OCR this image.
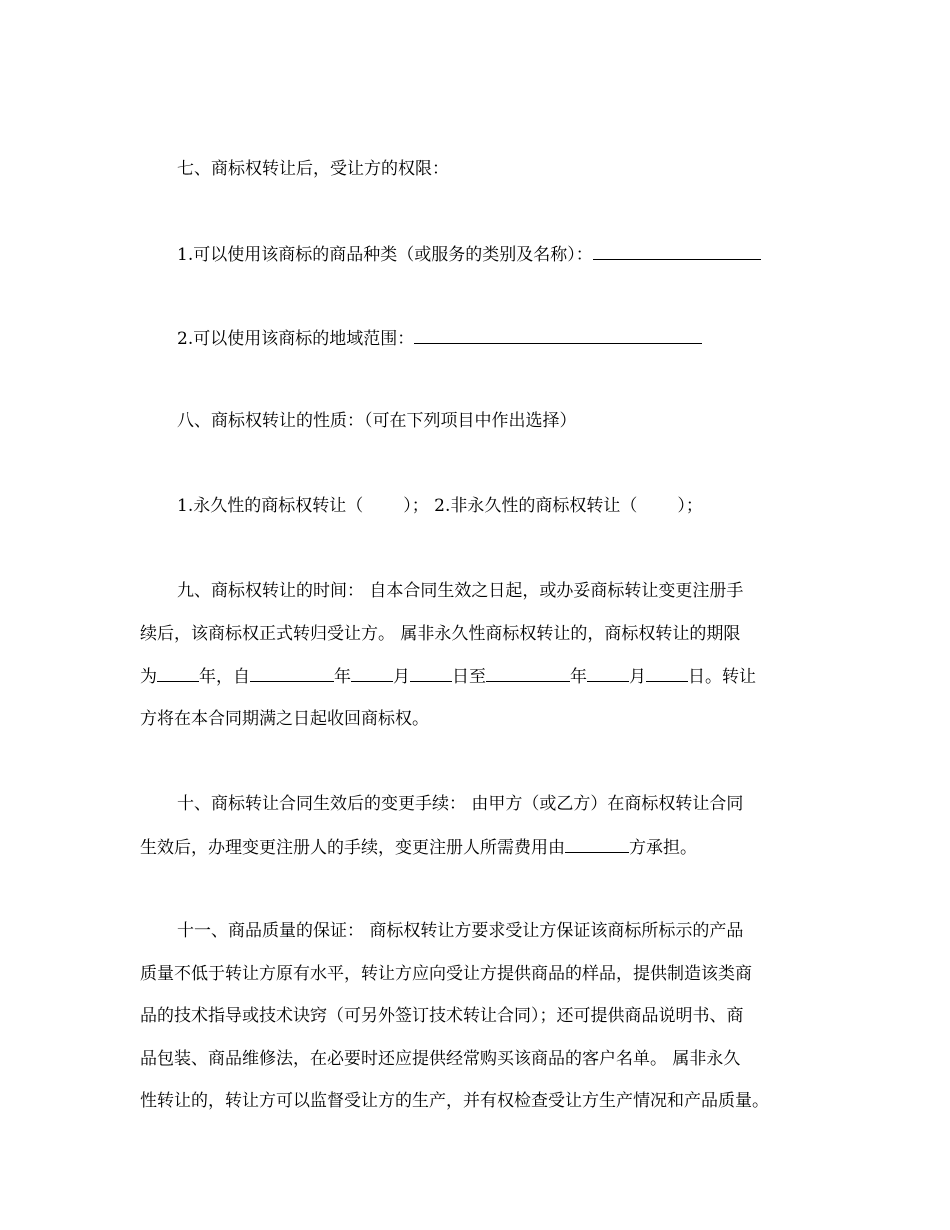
七、商标权转让后，受让方的权限：
1.可以使用该商标的商品种类（或服务的类别及名称）：
2.可以使用该商标的地域范围：
八、商标权转让的性质：（可在下列项目中作出选择）
1.永久性的商标权转让（ ）； 2.非永久性的商标权转让（ ）；
九、商标权转让的时间： 自本合同生效之日起，或办妥商标转让变更注册手
续后，该商标权正式转归受让方。 属非永久性商标权转让的，商标权转让的期限
为 年，自	年 月 日至	年 月 日。转让
方将在本合同期满之日起收回商标权。
十、商标转让合同生效后的变更手续： 由甲方（或乙方）在商标权转让合同
生效后，办理变更注册人的手续，变更注册人所需费用由	方承担。
十一、商品质量的保证： 商标权转让方要求受让方保证该商标所标示的产品
质量不低于转让方原有水平，转让方应向受让方提供商品的样品，提供制造该类商
品的技术指导或技术诀窍（可另外签订技术转让合同）；还可提供商品说明书、商
品包装、商品维修法，在必要时还应提供经常购买该商品的客户名单。 属非永久
性转让的，转让方可以监督受让方的生产，并有权检查受让方生产情况和产品质量。
